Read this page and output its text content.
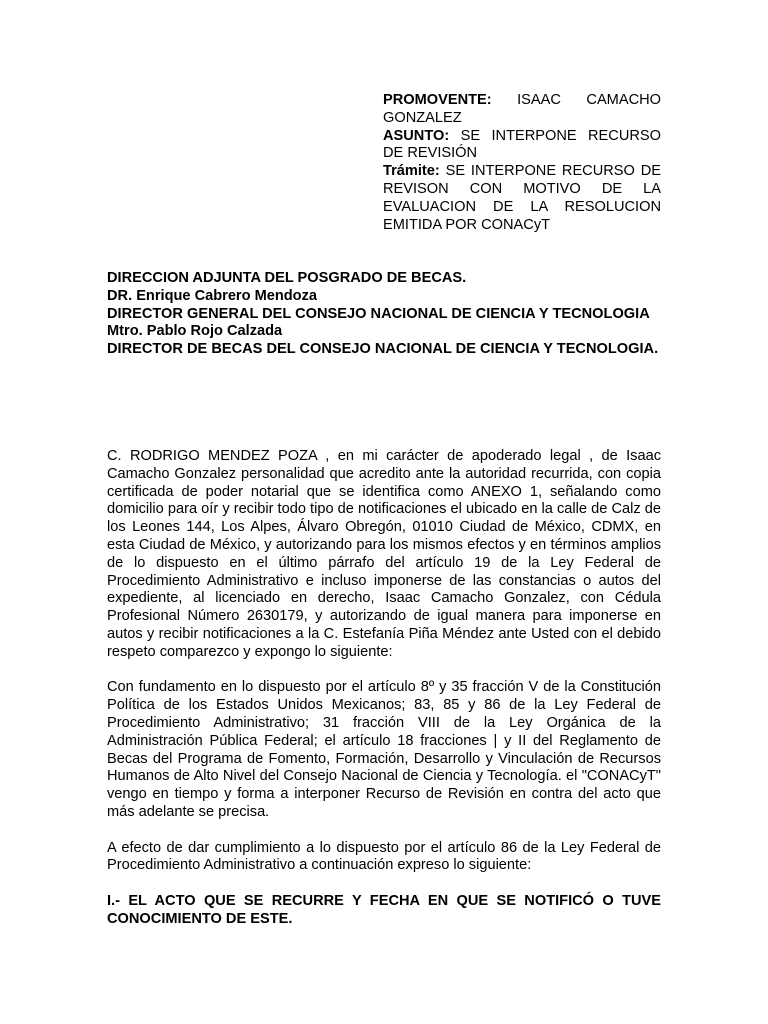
PROMOVENTE: ISAAC CAMACHO GONZALEZ

ASUNTO: SE INTERPONE RECURSO DE REVISIÓN

Trámite: SE INTERPONE RECURSO DE REVISON CON MOTIVO DE LA EVALUACION DE LA RESOLUCION EMITIDA POR CONACyT

DIRECCION ADJUNTA DEL POSGRADO DE BECAS.

DR. Enrique Cabrero Mendoza

DIRECTOR GENERAL DEL CONSEJO NACIONAL DE CIENCIA Y TECNOLOGIA

Mtro. Pablo Rojo Calzada

DIRECTOR DE BECAS DEL CONSEJO NACIONAL DE CIENCIA Y TECNOLOGIA.

C. RODRIGO MENDEZ POZA , en mi carácter de apoderado legal , de Isaac Camacho Gonzalez personalidad que acredito ante la autoridad recurrida, con copia certificada de poder notarial que se identifica como ANEXO 1, señalando como domicilio para oír y recibir todo tipo de notificaciones el ubicado en la calle de Calz de los Leones 144, Los Alpes, Álvaro Obregón, 01010 Ciudad de México, CDMX, en esta Ciudad de México, y autorizando para los mismos efectos y en términos amplios de lo dispuesto en el último párrafo del artículo 19 de la Ley Federal de Procedimiento Administrativo e incluso imponerse de las constancias o autos del expediente, al licenciado en derecho, Isaac Camacho Gonzalez, con Cédula Profesional Número 2630179, y autorizando de igual manera para imponerse en autos y recibir notificaciones a la C. Estefanía Piña Méndez ante Usted con el debido respeto comparezco y expongo lo siguiente:

Con fundamento en lo dispuesto por el artículo 8º y 35 fracción V de la Constitución Política de los Estados Unidos Mexicanos; 83, 85 y 86 de la Ley Federal de Procedimiento Administrativo; 31 fracción VIII de la Ley Orgánica de la Administración Pública Federal; el artículo 18 fracciones | y II del Reglamento de Becas del Programa de Fomento, Formación, Desarrollo y Vinculación de Recursos Humanos de Alto Nivel del Consejo Nacional de Ciencia y Tecnología. el "CONACyT" vengo en tiempo y forma a interponer Recurso de Revisión en contra del acto que más adelante se precisa.

A efecto de dar cumplimiento a lo dispuesto por el artículo 86 de la Ley Federal de Procedimiento Administrativo a continuación expreso lo siguiente:

I.- EL ACTO QUE SE RECURRE Y FECHA EN QUE SE NOTIFICÓ O TUVE CONOCIMIENTO DE ESTE.
